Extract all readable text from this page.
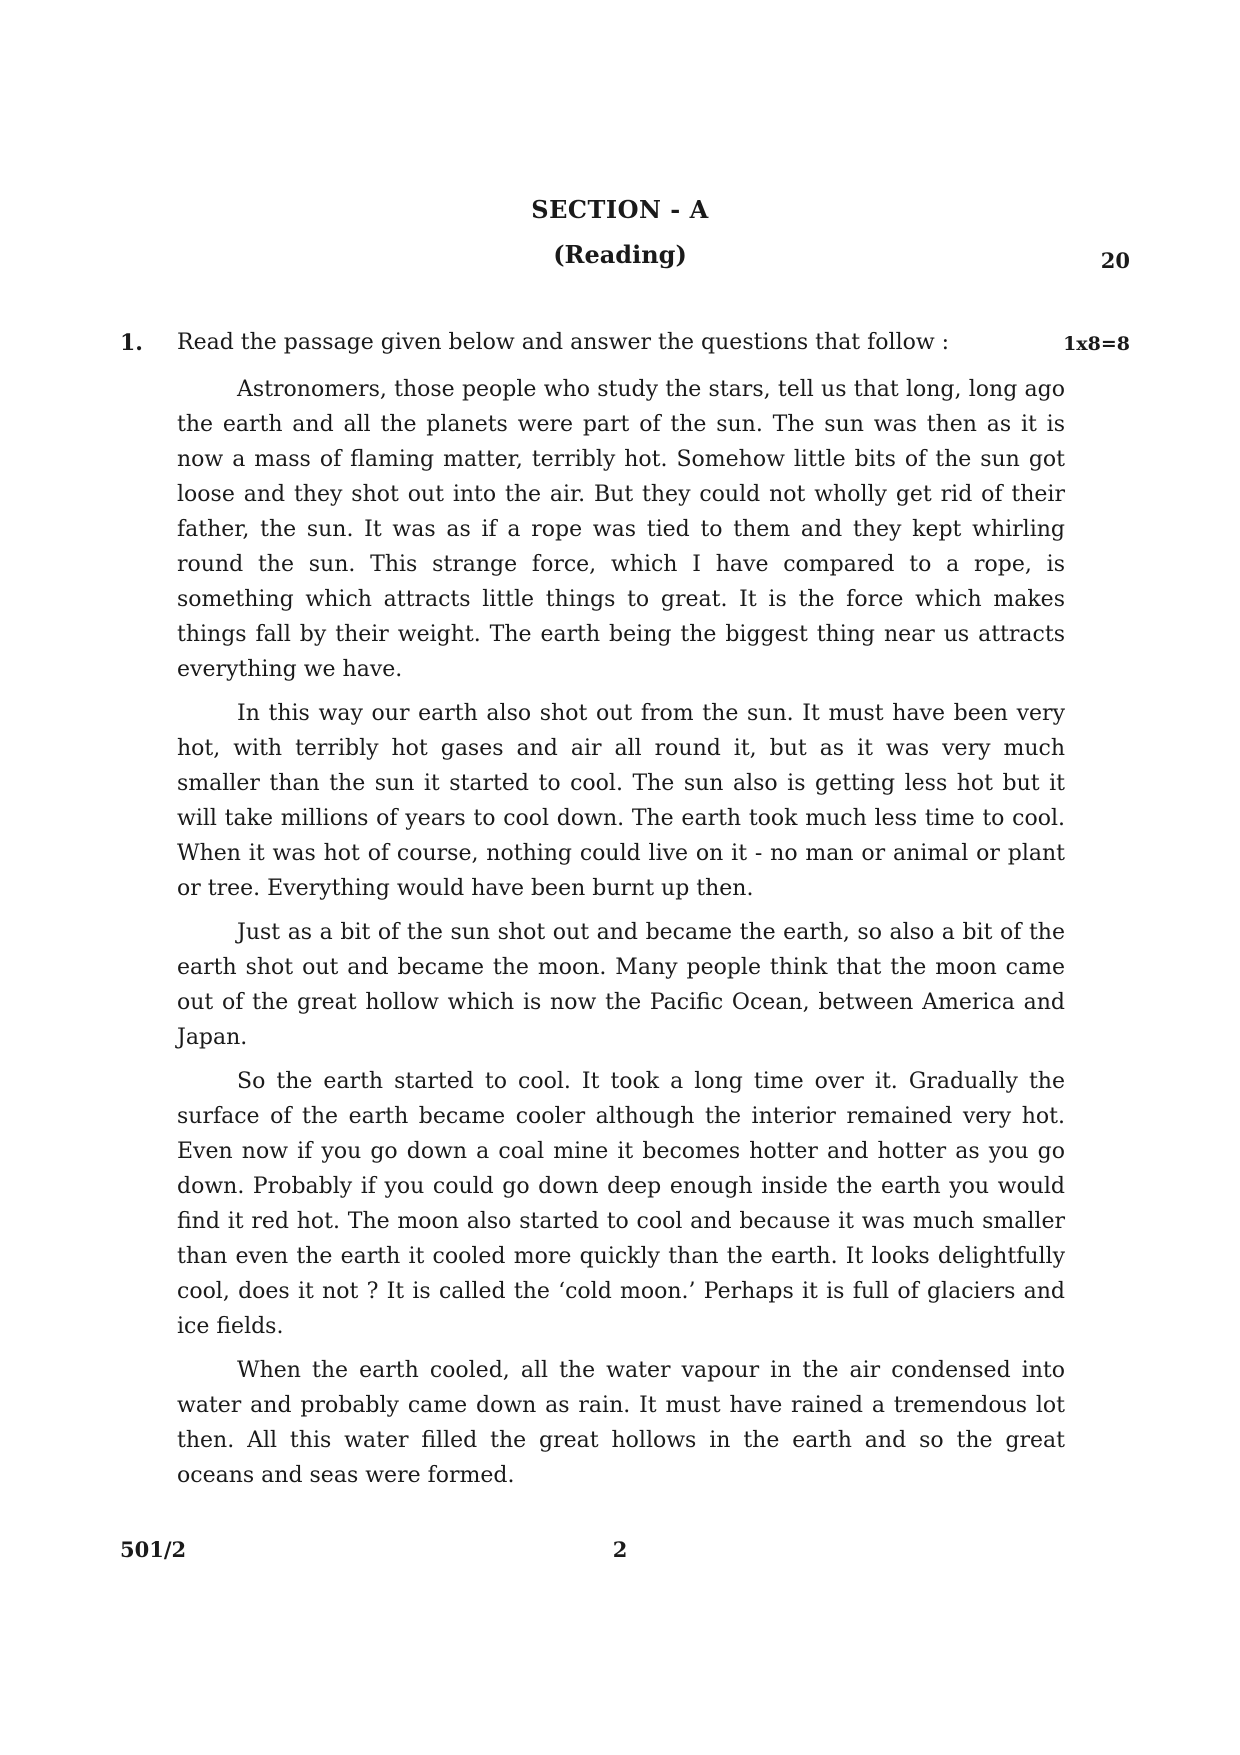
SECTION - A
(Reading)	20
1. Read the passage given below and answer the questions that follow :	1x8=8

Astronomers, those people who study the stars, tell us that long, long ago the earth and all the planets were part of the sun. The sun was then as it is now a mass of flaming matter, terribly hot. Somehow little bits of the sun got loose and they shot out into the air. But they could not wholly get rid of their father, the sun. It was as if a rope was tied to them and they kept whirling round the sun. This strange force, which I have compared to a rope, is something which attracts little things to great. It is the force which makes things fall by their weight. The earth being the biggest thing near us attracts everything we have.

In this way our earth also shot out from the sun. It must have been very hot, with terribly hot gases and air all round it, but as it was very much smaller than the sun it started to cool. The sun also is getting less hot but it will take millions of years to cool down. The earth took much less time to cool. When it was hot of course, nothing could live on it - no man or animal or plant or tree. Everything would have been burnt up then.

Just as a bit of the sun shot out and became the earth, so also a bit of the earth shot out and became the moon. Many people think that the moon came out of the great hollow which is now the Pacific Ocean, between America and Japan.

So the earth started to cool. It took a long time over it. Gradually the surface of the earth became cooler although the interior remained very hot. Even now if you go down a coal mine it becomes hotter and hotter as you go down. Probably if you could go down deep enough inside the earth you would find it red hot. The moon also started to cool and because it was much smaller than even the earth it cooled more quickly than the earth. It looks delightfully cool, does it not ? It is called the ‘cold moon.’ Perhaps it is full of glaciers and ice fields.

When the earth cooled, all the water vapour in the air condensed into water and probably came down as rain. It must have rained a tremendous lot then. All this water filled the great hollows in the earth and so the great oceans and seas were formed.

501/2	2
